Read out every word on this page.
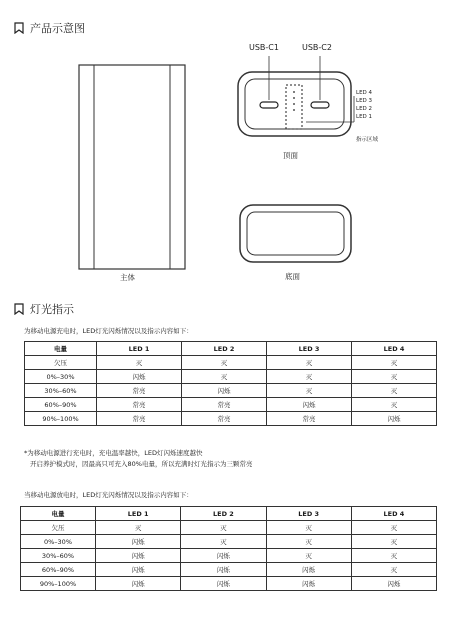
产品示意图
主体
USB-C1	USB-C2
LED 4
LED 3
LED 2
LED 1
指示区域
顶面
底面
灯光指示
为移动电源充电时，LED灯光闪烁情况以及指示内容如下：
电量	LED 1	LED 2	LED 3	LED 4
欠压	灭	灭	灭	灭
0%–30%	闪烁	灭	灭	灭
30%–60%	常亮	闪烁	灭	灭
60%–90%	常亮	常亮	闪烁	灭
90%–100%	常亮	常亮	常亮	闪烁
*为移动电源进行充电时，充电温率越快，LED灯闪烁速度越快
开启养护模式时，因最高只可充入80%电量，所以充满时灯光指示为三颗常亮
当移动电源放电时，LED灯光闪烁情况以及指示内容如下：
电量	LED 1	LED 2	LED 3	LED 4
欠压	灭	灭	灭	灭
0%–30%	闪烁	灭	灭	灭
30%–60%	闪烁	闪烁	灭	灭
60%–90%	闪烁	闪烁	闪烁	灭
90%–100%	闪烁	闪烁	闪烁	闪烁
